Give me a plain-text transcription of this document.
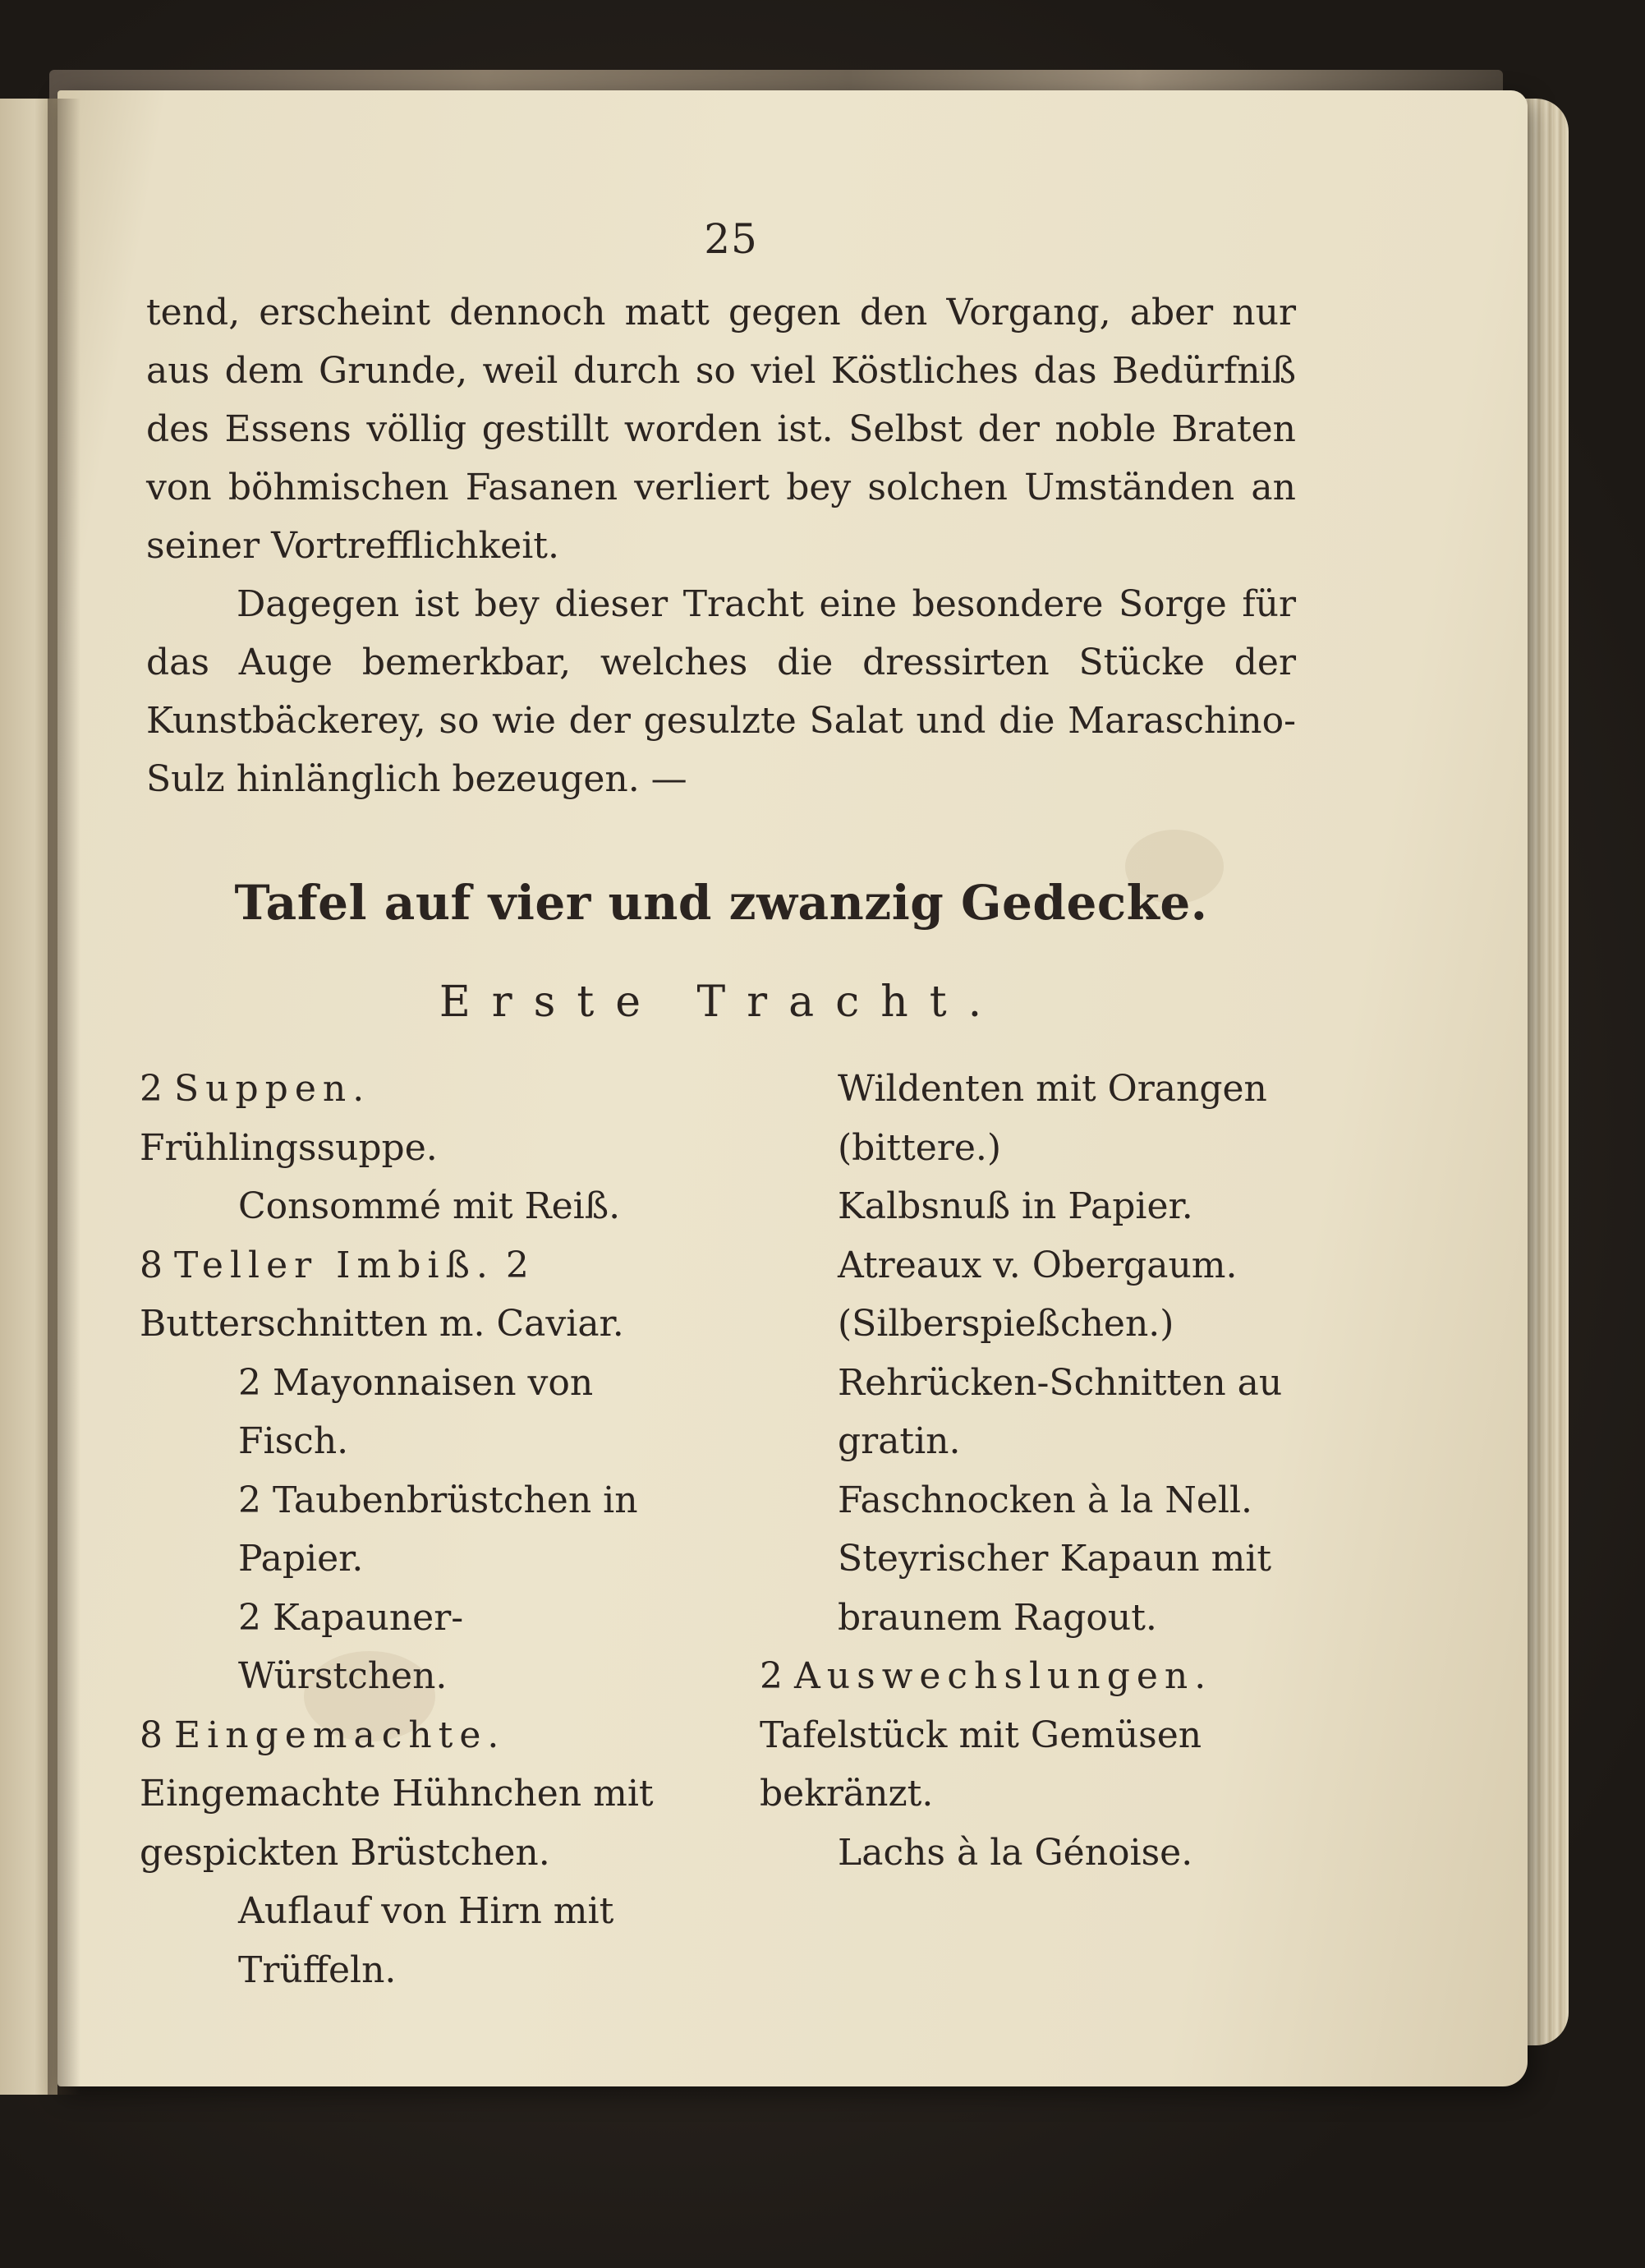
25

tend, erscheint dennoch matt gegen den Vorgang, aber nur aus dem Grunde, weil durch so viel Köstliches das Bedürfniß des Essens völlig gestillt worden ist. Selbst der noble Braten von böhmischen Fasanen verliert bey solchen Umständen an seiner Vortrefflichkeit.

Dagegen ist bey dieser Tracht eine besondere Sorge für das Auge bemerkbar, welches die dressirten Stücke der Kunstbäckerey, so wie der gesulzte Salat und die Maraschino-Sulz hinlänglich bezeugen. —

Tafel auf vier und zwanzig Gedecke.
Erste Tracht.
2 Suppen. Frühlingssuppe.
Consommé mit Reiß.
8 Teller Imbiß. 2 Butterschnitten m. Caviar.
2 Mayonnaisen von Fisch.
2 Taubenbrüstchen in Papier.
2 Kapauner-Würstchen.
8 Eingemachte. Eingemachte Hühnchen mit gespickten Brüstchen.
Auflauf von Hirn mit Trüffeln.
Wildenten mit Orangen (bittere.)
Kalbsnuß in Papier.
Atreaux v. Obergaum. (Silberspießchen.)
Rehrücken-Schnitten au gratin.
Faschnocken à la Nell.
Steyrischer Kapaun mit braunem Ragout.
2 Auswechslungen. Tafelstück mit Gemüsen bekränzt.
Lachs à la Génoise.
